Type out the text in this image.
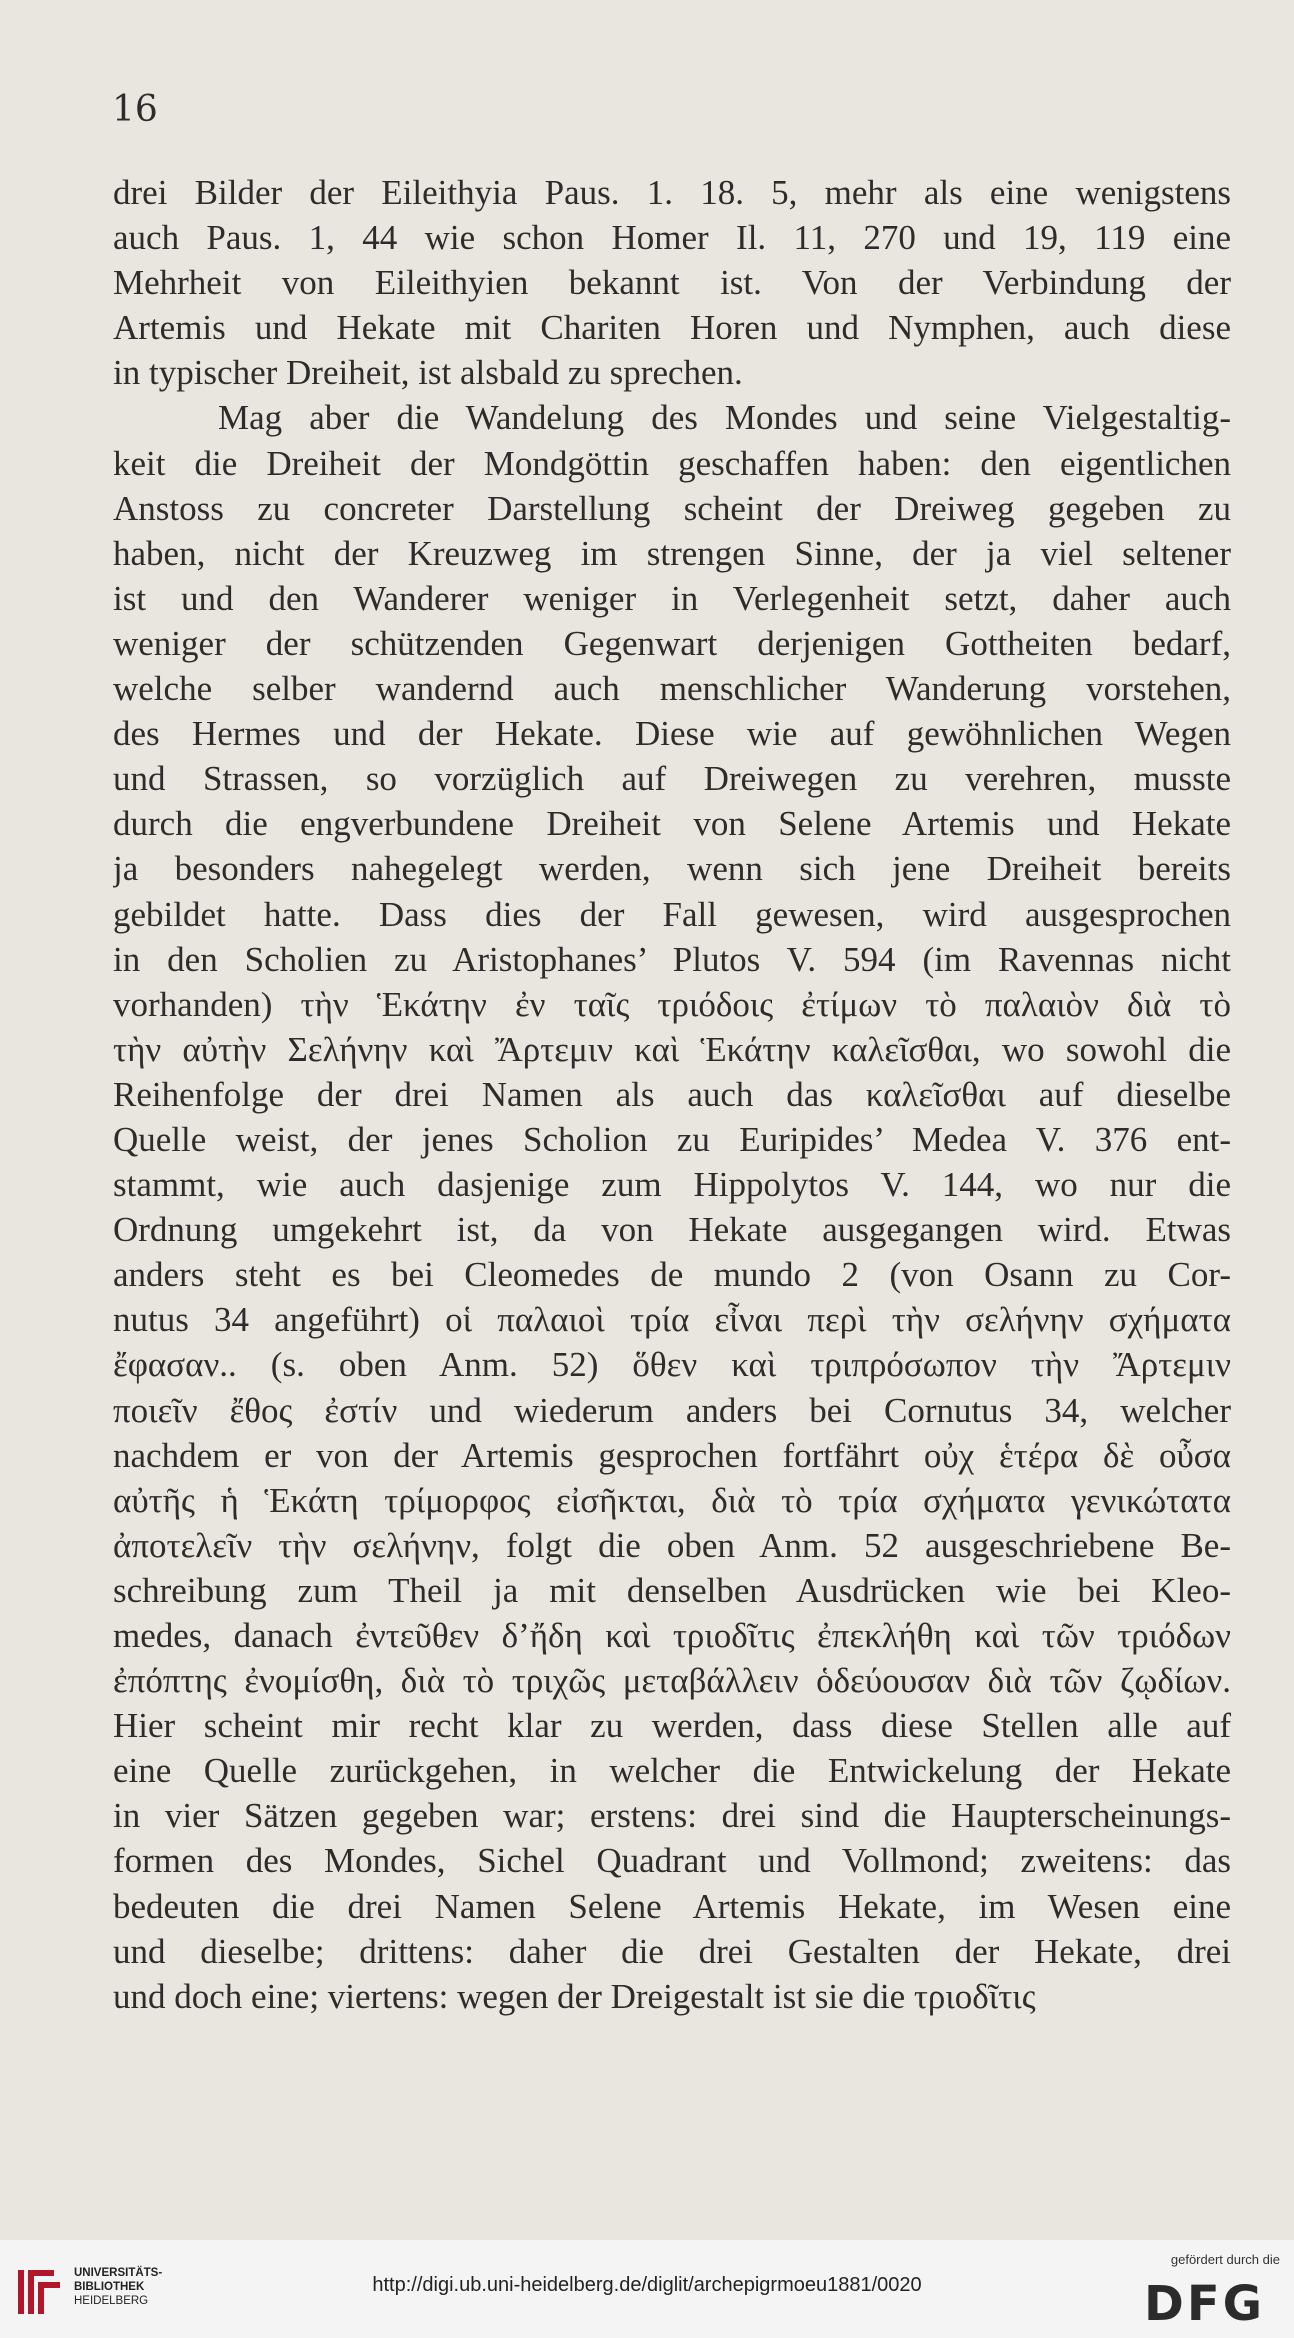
16
drei Bilder der Eileithyia Paus. 1. 18. 5, mehr als eine wenigstens
auch Paus. 1, 44 wie schon Homer Il. 11, 270 und 19, 119 eine
Mehrheit von Eileithyien bekannt ist. Von der Verbindung der
Artemis und Hekate mit Chariten Horen und Nymphen, auch diese
in typischer Dreiheit, ist alsbald zu sprechen.
Mag aber die Wandelung des Mondes und seine Vielgestaltig-
keit die Dreiheit der Mondgöttin geschaffen haben: den eigentlichen
Anstoss zu concreter Darstellung scheint der Dreiweg gegeben zu
haben, nicht der Kreuzweg im strengen Sinne, der ja viel seltener
ist und den Wanderer weniger in Verlegenheit setzt, daher auch
weniger der schützenden Gegenwart derjenigen Gottheiten bedarf,
welche selber wandernd auch menschlicher Wanderung vorstehen,
des Hermes und der Hekate. Diese wie auf gewöhnlichen Wegen
und Strassen, so vorzüglich auf Dreiwegen zu verehren, musste
durch die engverbundene Dreiheit von Selene Artemis und Hekate
ja besonders nahegelegt werden, wenn sich jene Dreiheit bereits
gebildet hatte. Dass dies der Fall gewesen, wird ausgesprochen
in den Scholien zu Aristophanes’ Plutos V. 594 (im Ravennas nicht
vorhanden) τὴν Ἑκάτην ἐν ταῖς τριόδοις ἐτίμων τὸ παλαιὸν διὰ τὸ
τὴν αὐτὴν Σελήνην καὶ Ἄρτεμιν καὶ Ἑκάτην καλεῖσθαι, wo sowohl die
Reihenfolge der drei Namen als auch das καλεῖσθαι auf dieselbe
Quelle weist, der jenes Scholion zu Euripides’ Medea V. 376 ent-
stammt, wie auch dasjenige zum Hippolytos V. 144, wo nur die
Ordnung umgekehrt ist, da von Hekate ausgegangen wird. Etwas
anders steht es bei Cleomedes de mundo 2 (von Osann zu Cor-
nutus 34 angeführt) οἱ παλαιοὶ τρία εἶναι περὶ τὴν σελήνην σχήματα
ἔφασαν.. (s. oben Anm. 52) ὅθεν καὶ τριπρόσωπον τὴν Ἄρτεμιν
ποιεῖν ἔθος ἐστίν und wiederum anders bei Cornutus 34, welcher
nachdem er von der Artemis gesprochen fortfährt οὐχ ἑτέρα δὲ οὖσα
αὐτῆς ἡ Ἑκάτη τρίμορφος εἰσῆκται, διὰ τὸ τρία σχήματα γενικώτατα
ἀποτελεῖν τὴν σελήνην, folgt die oben Anm. 52 ausgeschriebene Be-
schreibung zum Theil ja mit denselben Ausdrücken wie bei Kleo-
medes, danach ἐντεῦθεν δ’ἤδη καὶ τριοδῖτις ἐπεκλήθη καὶ τῶν τριόδων
ἐπόπτης ἐνομίσθη, διὰ τὸ τριχῶς μεταβάλλειν ὁδεύουσαν διὰ τῶν ζῳδίων.
Hier scheint mir recht klar zu werden, dass diese Stellen alle auf
eine Quelle zurückgehen, in welcher die Entwickelung der Hekate
in vier Sätzen gegeben war; erstens: drei sind die Haupterscheinungs-
formen des Mondes, Sichel Quadrant und Vollmond; zweitens: das
bedeuten die drei Namen Selene Artemis Hekate, im Wesen eine
und dieselbe; drittens: daher die drei Gestalten der Hekate, drei
und doch eine; viertens: wegen der Dreigestalt ist sie die τριοδῖτις
UNIVERSITÄTS-
BIBLIOTHEK
HEIDELBERG
http://digi.ub.uni-heidelberg.de/diglit/archepigrmoeu1881/0020
gefördert durch die
DFG
